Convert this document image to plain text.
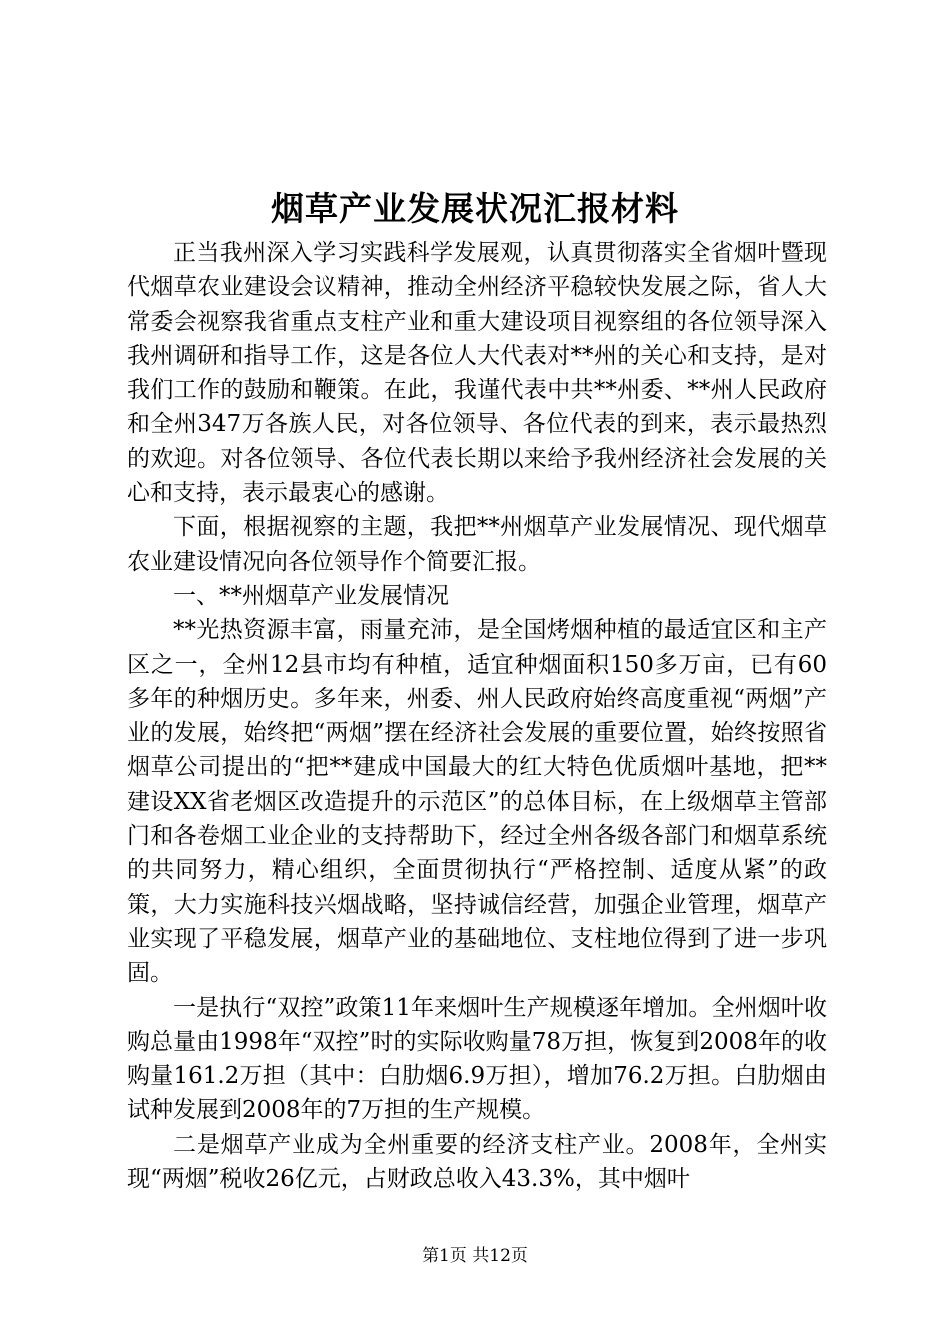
烟草产业发展状况汇报材料

正当我州深入学习实践科学发展观，认真贯彻落实全省烟叶暨现代烟草农业建设会议精神，推动全州经济平稳较快发展之际，省人大常委会视察我省重点支柱产业和重大建设项目视察组的各位领导深入我州调研和指导工作，这是各位人大代表对**州的关心和支持，是对我们工作的鼓励和鞭策。在此，我谨代表中共**州委、**州人民政府和全州347万各族人民，对各位领导、各位代表的到来，表示最热烈的欢迎。对各位领导、各位代表长期以来给予我州经济社会发展的关心和支持，表示最衷心的感谢。

下面，根据视察的主题，我把**州烟草产业发展情况、现代烟草农业建设情况向各位领导作个简要汇报。

一、**州烟草产业发展情况

**光热资源丰富，雨量充沛，是全国烤烟种植的最适宜区和主产区之一，全州12县市均有种植，适宜种烟面积150多万亩，已有60多年的种烟历史。多年来，州委、州人民政府始终高度重视“两烟”产业的发展，始终把“两烟”摆在经济社会发展的重要位置，始终按照省烟草公司提出的“把**建成中国最大的红大特色优质烟叶基地，把**建设XX省老烟区改造提升的示范区”的总体目标，在上级烟草主管部门和各卷烟工业企业的支持帮助下，经过全州各级各部门和烟草系统的共同努力，精心组织，全面贯彻执行“严格控制、适度从紧”的政策，大力实施科技兴烟战略，坚持诚信经营，加强企业管理，烟草产业实现了平稳发展，烟草产业的基础地位、支柱地位得到了进一步巩固。

一是执行“双控”政策11年来烟叶生产规模逐年增加。全州烟叶收购总量由1998年“双控”时的实际收购量78万担，恢复到2008年的收购量161.2万担（其中：白肋烟6.9万担），增加76.2万担。白肋烟由试种发展到2008年的7万担的生产规模。

二是烟草产业成为全州重要的经济支柱产业。2008年，全州实现“两烟”税收26亿元，占财政总收入43.3%，其中烟叶

第1页 共12页
